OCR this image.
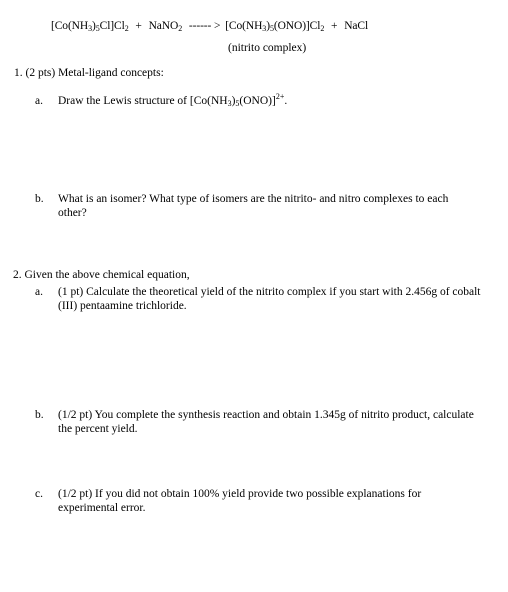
$[Co(NH_3)_5Cl]Cl_2$ + NaNO$_2$ ------ > $[Co(NH_3)_5(ONO)]Cl_2$ + NaCl
(nitrito complex)
1. (2 pts) Metal-ligand concepts:
a. Draw the Lewis structure of $[Co(NH_3)_5(ONO)]^{2+}$.
b. What is an isomer? What type of isomers are the nitrito- and nitro complexes to each other?
2. Given the above chemical equation,
a. (1 pt) Calculate the theoretical yield of the nitrito complex if you start with 2.456g of cobalt (III) pentaamine trichloride.
b. (1/2 pt) You complete the synthesis reaction and obtain 1.345g of nitrito product, calculate the percent yield.
c. (1/2 pt) If you did not obtain 100% yield provide two possible explanations for experimental error.
